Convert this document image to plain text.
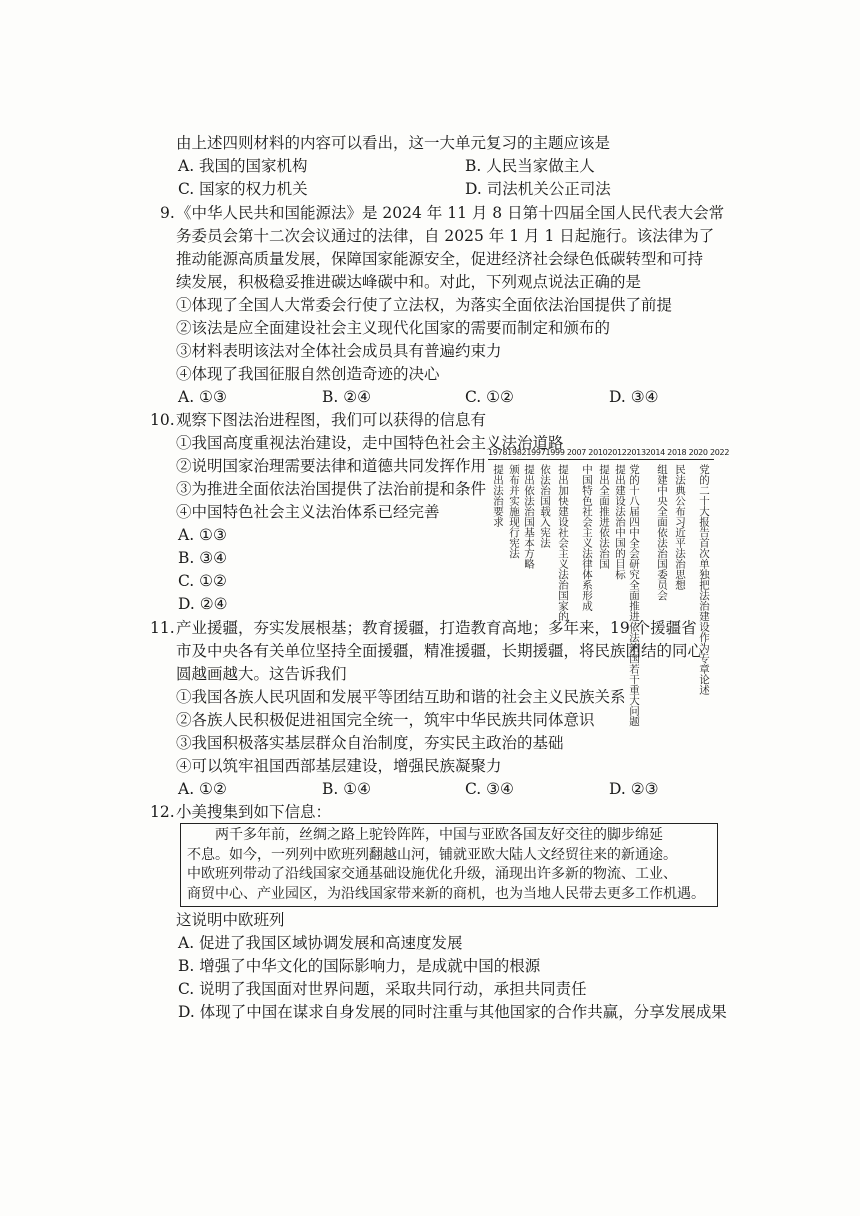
由上述四则材料的内容可以看出，这一大单元复习的主题应该是
A. 我国的国家机构	B. 人民当家做主人
C. 国家的权力机关	D. 司法机关公正司法
9. 《中华人民共和国能源法》是 2024 年 11 月 8 日第十四届全国人民代表大会常
务委员会第十二次会议通过的法律，自 2025 年 1 月 1 日起施行。该法律为了
推动能源高质量发展，保障国家能源安全，促进经济社会绿色低碳转型和可持
续发展，积极稳妥推进碳达峰碳中和。对此，下列观点说法正确的是
①体现了全国人大常委会行使了立法权，为落实全面依法治国提供了前提
②该法是应全面建设社会主义现代化国家的需要而制定和颁布的
③材料表明该法对全体社会成员具有普遍约束力
④体现了我国征服自然创造奇迹的决心
A. ①③	B. ②④	C. ①②	D. ③④
10. 观察下图法治进程图，我们可以获得的信息有
①我国高度重视法治建设，走中国特色社会主义法治道路
②说明国家治理需要法律和道德共同发挥作用
③为推进全面依法治国提供了法治前提和条件
④中国特色社会主义法治体系已经完善
A. ①③
B. ③④
C. ①②
D. ②④
1978198219971999 2007 2010201220132014 2018 2020 2022
提出法治要求 颁布并实施现行宪法 提出依法治国基本方略 依法治国载入宪法 提出加快建设社会主义法治国家的 中国特色社会主义法律体系形成 提出全面推进依法治国 提出建设法治中国的目标 党的十八届四中全会研究全面推进依法治国若干重大问题 组建中央全面依法治国委员会 民法典公布习近平法治思想 党的二十大报告首次单独把法治建设作为专章论述
11. 产业援疆，夯实发展根基；教育援疆，打造教育高地；多年来，19 个援疆省
市及中央各有关单位坚持全面援疆，精准援疆，长期援疆，将民族团结的同心
圆越画越大。这告诉我们
①我国各族人民巩固和发展平等团结互助和谐的社会主义民族关系
②各族人民积极促进祖国完全统一，筑牢中华民族共同体意识
③我国积极落实基层群众自治制度，夯实民主政治的基础
④可以筑牢祖国西部基层建设，增强民族凝聚力
A. ①②	B. ①④	C. ③④	D. ②③
12. 小美搜集到如下信息：
　　两千多年前，丝绸之路上驼铃阵阵，中国与亚欧各国友好交往的脚步绵延
不息。如今，一列列中欧班列翻越山河，铺就亚欧大陆人文经贸往来的新通途。
中欧班列带动了沿线国家交通基础设施优化升级，涌现出许多新的物流、工业、
商贸中心、产业园区，为沿线国家带来新的商机，也为当地人民带去更多工作机遇。
这说明中欧班列
A. 促进了我国区域协调发展和高速度发展
B. 增强了中华文化的国际影响力，是成就中国的根源
C. 说明了我国面对世界问题，采取共同行动，承担共同责任
D. 体现了中国在谋求自身发展的同时注重与其他国家的合作共赢，分享发展成果
